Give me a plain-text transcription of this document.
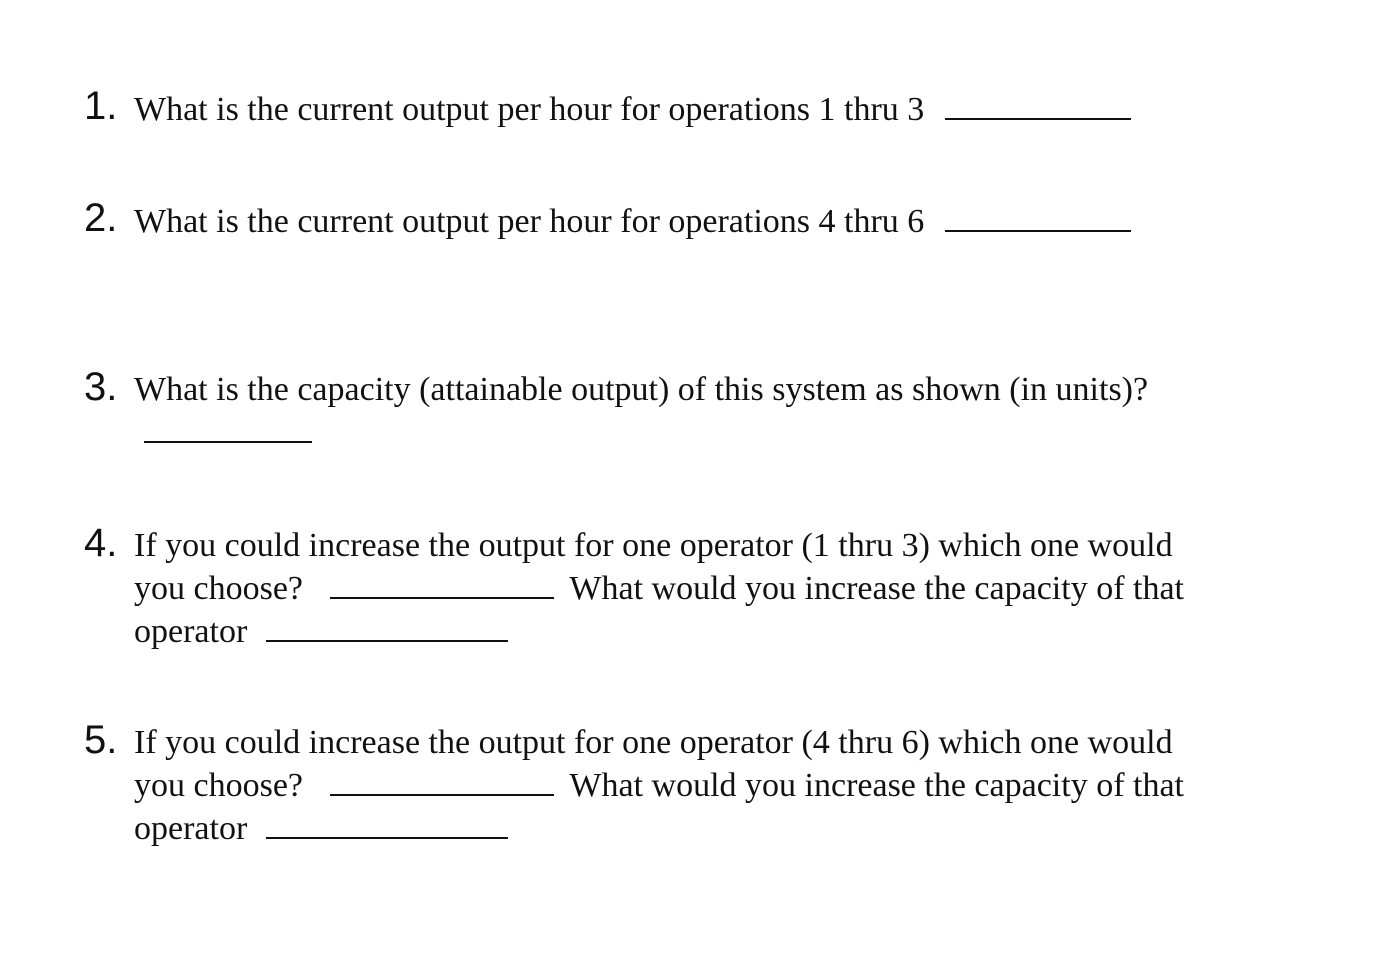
1. What is the current output per hour for operations 1 thru 3
2. What is the current output per hour for operations 4 thru 6
3. What is the capacity (attainable output) of this system as shown (in units)?
4. If you could increase the output for one operator (1 thru 3) which one would
you choose?	What would you increase the capacity of that
operator
5. If you could increase the output for one operator (4 thru 6) which one would
you choose?	What would you increase the capacity of that
operator
